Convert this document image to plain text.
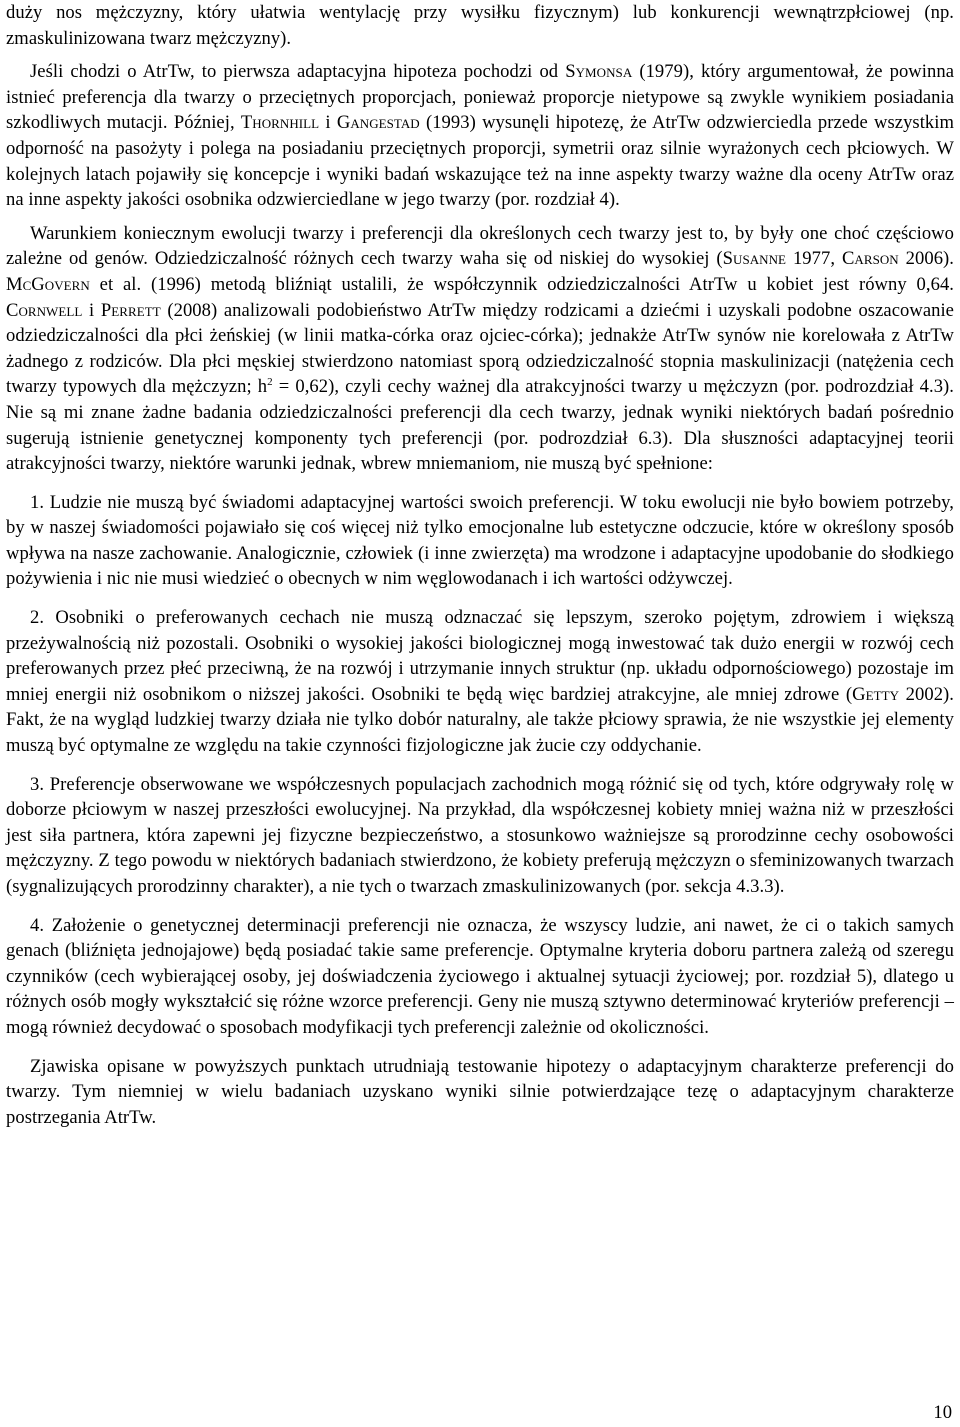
duży nos mężczyzny, który ułatwia wentylację przy wysiłku fizycznym) lub konkurencji wewnątrzpłciowej (np. zmaskulinizowana twarz mężczyzny).

Jeśli chodzi o AtrTw, to pierwsza adaptacyjna hipoteza pochodzi od Symonsa (1979), który argumentował, że powinna istnieć preferencja dla twarzy o przeciętnych proporcjach, ponieważ proporcje nietypowe są zwykle wynikiem posiadania szkodliwych mutacji. Później, Thornhill i Gangestad (1993) wysunęli hipotezę, że AtrTw odzwierciedla przede wszystkim odporność na pasożyty i polega na posiadaniu przeciętnych proporcji, symetrii oraz silnie wyrażonych cech płciowych. W kolejnych latach pojawiły się koncepcje i wyniki badań wskazujące też na inne aspekty twarzy ważne dla oceny AtrTw oraz na inne aspekty jakości osobnika odzwierciedlane w jego twarzy (por. rozdział 4).

Warunkiem koniecznym ewolucji twarzy i preferencji dla określonych cech twarzy jest to, by były one choć częściowo zależne od genów. Odziedziczalność różnych cech twarzy waha się od niskiej do wysokiej (Susanne 1977, Carson 2006). McGovern et al. (1996) metodą bliźniąt ustalili, że współczynnik odziedziczalności AtrTw u kobiet jest równy 0,64. Cornwell i Perrett (2008) analizowali podobieństwo AtrTw między rodzicami a dziećmi i uzyskali podobne oszacowanie odziedziczalności dla płci żeńskiej (w linii matka-córka oraz ojciec-córka); jednakże AtrTw synów nie korelowała z AtrTw żadnego z rodziców. Dla płci męskiej stwierdzono natomiast sporą odziedziczalność stopnia maskulinizacji (natężenia cech twarzy typowych dla mężczyzn; $h^2 = 0,62$), czyli cechy ważnej dla atrakcyjności twarzy u mężczyzn (por. podrozdział 4.3). Nie są mi znane żadne badania odziedziczalności preferencji dla cech twarzy, jednak wyniki niektórych badań pośrednio sugerują istnienie genetycznej komponenty tych preferencji (por. podrozdział 6.3). Dla słuszności adaptacyjnej teorii atrakcyjności twarzy, niektóre warunki jednak, wbrew mniemaniom, nie muszą być spełnione:

1. Ludzie nie muszą być świadomi adaptacyjnej wartości swoich preferencji. W toku ewolucji nie było bowiem potrzeby, by w naszej świadomości pojawiało się coś więcej niż tylko emocjonalne lub estetyczne odczucie, które w określony sposób wpływa na nasze zachowanie. Analogicznie, człowiek (i inne zwierzęta) ma wrodzone i adaptacyjne upodobanie do słodkiego pożywienia i nic nie musi wiedzieć o obecnych w nim węglowodanach i ich wartości odżywczej.

2. Osobniki o preferowanych cechach nie muszą odznaczać się lepszym, szeroko pojętym, zdrowiem i większą przeżywalnością niż pozostali. Osobniki o wysokiej jakości biologicznej mogą inwestować tak dużo energii w rozwój cech preferowanych przez płeć przeciwną, że na rozwój i utrzymanie innych struktur (np. układu odpornościowego) pozostaje im mniej energii niż osobnikom o niższej jakości. Osobniki te będą więc bardziej atrakcyjne, ale mniej zdrowe (Getty 2002). Fakt, że na wygląd ludzkiej twarzy działa nie tylko dobór naturalny, ale także płciowy sprawia, że nie wszystkie jej elementy muszą być optymalne ze względu na takie czynności fizjologiczne jak żucie czy oddychanie.

3. Preferencje obserwowane we współczesnych populacjach zachodnich mogą różnić się od tych, które odgrywały rolę w doborze płciowym w naszej przeszłości ewolucyjnej. Na przykład, dla współczesnej kobiety mniej ważna niż w przeszłości jest siła partnera, która zapewni jej fizyczne bezpieczeństwo, a stosunkowo ważniejsze są prorodzinne cechy osobowości mężczyzny. Z tego powodu w niektórych badaniach stwierdzono, że kobiety preferują mężczyzn o sfeminizowanych twarzach (sygnalizujących prorodzinny charakter), a nie tych o twarzach zmaskulinizowanych (por. sekcja 4.3.3).

4. Założenie o genetycznej determinacji preferencji nie oznacza, że wszyscy ludzie, ani nawet, że ci o takich samych genach (bliźnięta jednojajowe) będą posiadać takie same preferencje. Optymalne kryteria doboru partnera zależą od szeregu czynników (cech wybierającej osoby, jej doświadczenia życiowego i aktualnej sytuacji życiowej; por. rozdział 5), dlatego u różnych osób mogły wykształcić się różne wzorce preferencji. Geny nie muszą sztywno determinować kryteriów preferencji – mogą również decydować o sposobach modyfikacji tych preferencji zależnie od okoliczności.

Zjawiska opisane w powyższych punktach utrudniają testowanie hipotezy o adaptacyjnym charakterze preferencji do twarzy. Tym niemniej w wielu badaniach uzyskano wyniki silnie potwierdzające tezę o adaptacyjnym charakterze postrzegania AtrTw.

10
